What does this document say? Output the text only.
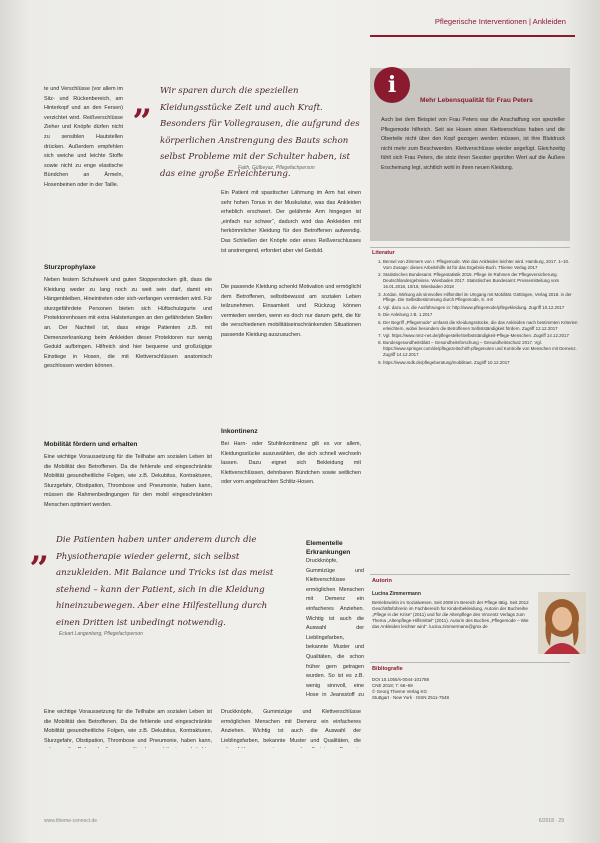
Pflegerische Interventionen | Ankleiden

te und Verschlüsse (vor allem im Sitz- und Rückenbereich, am Hinterkopf und an den Fersen) verzichtet wird. Reißverschlüsse Zieher und Knöpfe dürfen nicht zu sensiblen Hautstellen drücken. Außerdem empfehlen sich weiche und leichte Stoffe sowie nicht zu enge elastische Bündchen an Ärmeln, Hosenbeinen oder in der Taille.

Sturzprophylaxe

Neben festem Schuhwerk und guten Stopperstocken gilt, dass die Kleidung weder zu lang noch zu weit sein darf, damit ein Hängenbleiben, Hineintreten oder sich-verfangen vermieden wird. Für sturzgefährdete Personen bieten sich Hüftschutzgurte und Protektorenhosen mit extra Halsteriungen an den gefährdeten Stellen an. Der Nachteil ist, dass einige Patienten z.B. mit Demenzerkrankung beim Ankleiden dieser Protektoren nur wenig Geduld aufbringen. Hilfreich sind hier bequeme und großzügige Einstiege in Hosen, die mit Klettverschlüssen anatomisch geschlossen werden können.

Mobilität fördern und erhalten

Eine wichtige Voraussetzung für die Teilhabe am sozialen Leben ist die Mobilität des Betroffenen. Da die fehlende und eingeschränkte Mobilität gesundheitliche Folgen, wie z.B. Dekubitus, Kontrakturen, Sturzgefahr, Obstipation, Thrombose und Pneumonie, haben kann, müssen die Rahmenbedingungen für den mobil eingeschränkten Menschen optimiert werden.

Eine wichtige Voraussetzung für die Teilhabe am sozialen Leben ist die Mobilität des Betroffenen. Da die fehlende und eingeschränkte Mobilität gesundheitliche Folgen, wie z.B. Dekubitus, Kontrakturen, Sturzgefahr, Obstipation, Thrombose und Pneumonie, haben kann,

„ Wir sparen durch die speziellen Kleidungsstücke Zeit und auch Kraft. Besonders für Vollegrausen, die aufgrund des körperlichen Anstrengung des Bauts schon selbst Probleme mit der Schulter haben, ist das eine große Erleichterung.

Fatih, Gülbeyaz, Pflegefachperson

Ein Patient mit spastischer Lähmung im Arm hat einen sehr hohen Tonus in der Muskulatur, was das Ankleiden erheblich erschwert. Der gelähmte Arm hingegen ist „einfach nur schwer“, dadurch wird das Ankleiden mit herkömmlicher Kleidung für den Betroffenen aufwendig. Das Schließen der Knöpfe oder eines Reißverschlusses ist anstrengend, erfordert aber viel Geduld.

Die passende Kleidung schenkt Motivation und ermöglicht dem Betroffenen, selbstbewusst am sozialen Leben teilzunehmen. Einsamkeit und Rückzug können vermieden werden, wenn es doch nur darum geht, die für die verschiedenen mobilitätseinschränkenden Situationen passende Kleidung auszusuchen.

Inkontinenz

Bei Harn- oder Stuhlinkontinenz gilt es vor allem, Kleidungsstücke auszuwählen, die sich schnell wechseln lassen. Dazu eignet sich Bekleidung mit Klettverschlüssen, dehnbaren Bündchen sowie seitlichen oder vorn angebrachten Schlitz-Hosen.

„ Die Patienten haben unter anderem durch die Physiotherapie wieder gelernt, sich selbst anzukleiden. Mit Balance und Tricks ist das meist stehend – kann der Patient, sich in die Kleidung hineinzubewegen. Aber eine Hilfestellung durch einen Dritten ist unbedingt notwendig.

Eckart Langenberg, Pflegefachperson

Elementelle Erkrankungen

Druckknöpfe, Gummizüge und Klettverschlüsse ermöglichen Menschen mit Demenz ein einfacheres Anziehen. Wichtig ist auch die Auswahl der Lieblingsfarben, bekannte Muster und Qualitäten, die schon früher gern getragen wurden. So ist es z.B. wenig sinnvoll, eine Hose in Jeansstoff zu

Druckknöpfe, Gummizüge und Klettverschlüsse ermöglichen Menschen mit Demenz ein einfacheres Anziehen. Wichtig ist auch die Auswahl der Lieblingsfarben, bekannte Muster und Qualitäten, die

i

Mehr Lebensqualität für Frau Peters

Auch bei dem Beispiel von Frau Peters war die Anschaffung von spezieller Pflegemode hilfreich. Seit sie Hosen einen Klettverschluss haben und die Oberteile nicht über den Kopf gezogen werden müssen, ist ihre Blutdruck nicht mehr zum Beschwerden. Klettverschlüsse wieder angefügt. Gleichzeitig fühlt sich Frau Peters, die stolz ihren Sexstier geprüfen Wert auf die Äußere Erscheinung legt, sichtlich wohl in ihren neuen Kleidung.

Literatur

1. Bensel von Zimmern von I. Pflegemode. Wie das Ankleiden leichter wird. Hamburg, 2017. 1–10. Vom Zusage: dieses Arbeitshilfe ist für das Ergebnis-Buch. Thieme Verlag 2017
2. Statistisches Bundesamt. Pflegestatistik 2015. Pflege im Rahmen der Pflegeversicherung. Deutschlandergebnisse. Wiesbaden 2017. Statistisches Bundesamt: Pressemitteilung vom 16.01.2018, 10/18, Wiesbaden 2018
3. Jordan, Wirkung als sinnvolles Hilfsmittel im Umgang mit Mobilität. Göttingen, Verlag 2018. in der Pflege. Die Selbstbestimmung durch Pflegemode, S. 4-8
4. Vgl. dazu u.a. die Ausführungen in: http://www.pflegemode/pflegekleidung. Zugriff 10.12.2017
5. Die Anleitung z.B. 1.2017
6. Der Begriff „Pflegemode“ umfasst die Kleidungsstücke, die das Ankleiden nach bestimmten Kriterien erleichtern, wobei besonders die Betroffenen Selbstständigkeit fördern. Zugriff 12.12.2017
7. Vgl. https://www.nmz-net.de/pflegestelle/Selbstständigkeit-Pflege-Menschen. Zugriff 14.12.2017
8. Bundesgesundheitsblatt – Gesundheitsforschung – Gesundheitsschutz 2017. Vgl. https://www.springer.com/de/pflegezeitschrift-pflegenoten und Kontrolle von Menschen mit Demenz. Zugriff 14.12.2017
9. https://www.mdk.de/pflegeberatung/mobilitaet. Zugriff 10.12.2017

Autorin

Lucina Zimmermann

Betriebswirtin im Sozialwesen. Seit 2008 im Bereich der Pflege tätig. Seit 2012 Geschäftsführerin im Fachbereich für Kinderbekleidung, Autorin der Buchreihe „Pflege in der Krise“ (2011) und für die Altenpflege des Vincentz Verlags zum Thema „Altenpflege-Hilfsmittel“ (2011). Autorin des Buches „Pflegemode – Wie das Ankleiden leichter wird“. lucina.zimmermann@gmx.de

Bibliografie

DOI 10.1055/s-0044-101788

CNE 2018; 7: 66–69

© Georg Thieme Verlag KG

Stuttgart · New York · ISSN 2511-7548

www.thieme-connect.de	6/2018 · 29
